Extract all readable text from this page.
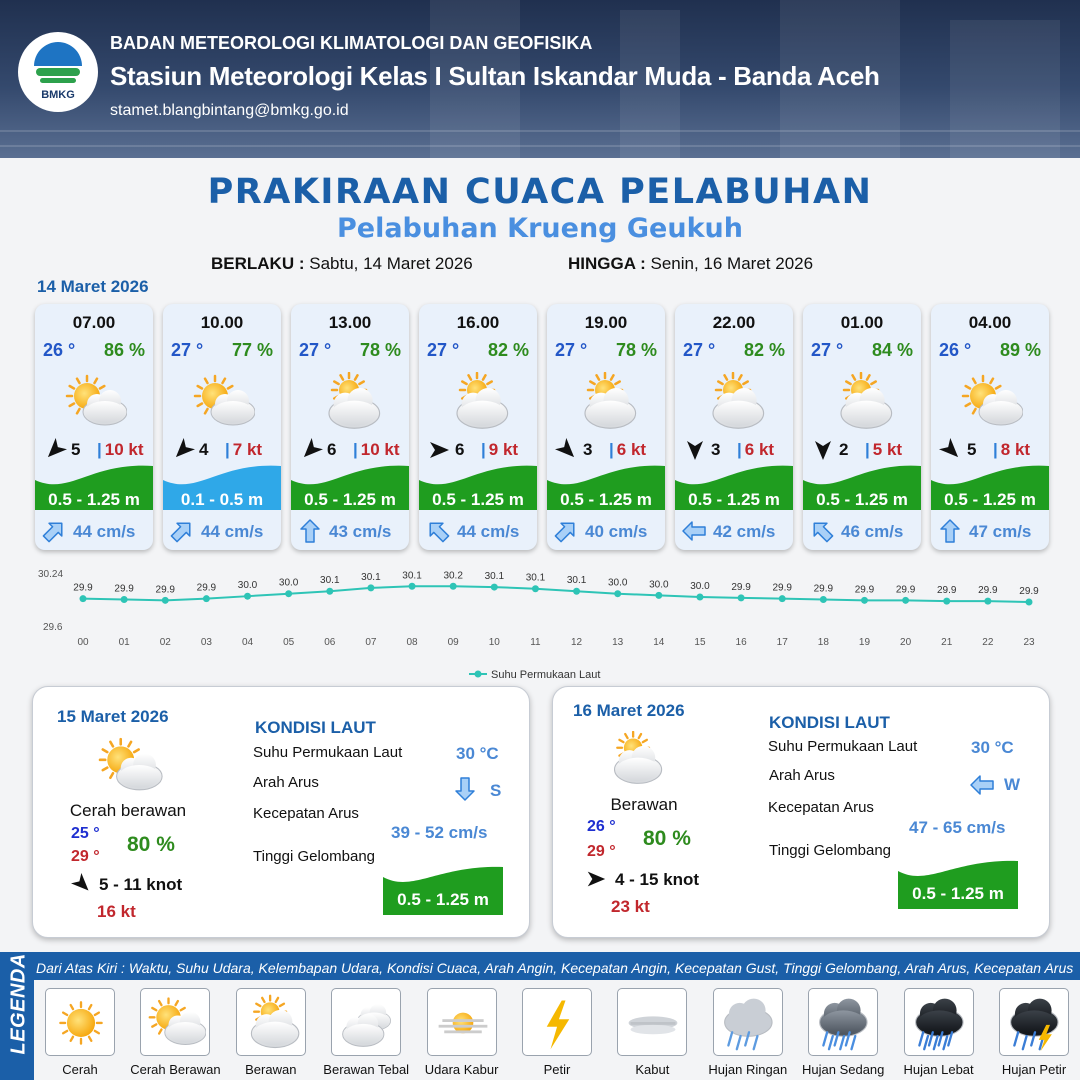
BMKG
BADAN METEOROLOGI KLIMATOLOGI DAN GEOFISIKA
Stasiun Meteorologi Kelas I Sultan Iskandar Muda - Banda Aceh
stamet.blangbintang@bmkg.go.id
PRAKIRAAN CUACA PELABUHAN
Pelabuhan Krueng Geukuh
BERLAKU : Sabtu, 14 Maret 2026	HINGGA : Senin, 16 Maret 2026
14 Maret 2026
07.00
26 ° 86 %
5 | 10 kt
0.5 - 1.25 m
44 cm/s
10.00
27 ° 77 %
4 | 7 kt
0.1 - 0.5 m
44 cm/s
13.00
27 ° 78 %
6 | 10 kt
0.5 - 1.25 m
43 cm/s
16.00
27 ° 82 %
6 | 9 kt
0.5 - 1.25 m
44 cm/s
19.00
27 ° 78 %
3 | 6 kt
0.5 - 1.25 m
40 cm/s
22.00
27 ° 82 %
3 | 6 kt
0.5 - 1.25 m
42 cm/s
01.00
27 ° 84 %
2 | 5 kt
0.5 - 1.25 m
46 cm/s
04.00
26 ° 89 %
5 | 8 kt
0.5 - 1.25 m
47 cm/s
30.24
29.6
29.9
00
29.9
01
29.9
02
29.9
03
30.0
04
30.0
05
30.1
06
30.1
07
30.1
08
30.2
09
30.1
10
30.1
11
30.1
12
30.0
13
30.0
14
30.0
15
29.9
16
29.9
17
29.9
18
29.9
19
29.9
20
29.9
21
29.9
22
29.9
23
Suhu Permukaan Laut
15 Maret 2026
Cerah berawan
25 °
29 °
80 %
5 - 11 knot
16 kt
KONDISI LAUT
Suhu Permukaan Laut	30 °C
Arah Arus	S
Kecepatan Arus
39 - 52 cm/s
Tinggi Gelombang
0.5 - 1.25 m
16 Maret 2026
Berawan
26 °
29 °
80 %
4 - 15 knot
23 kt
KONDISI LAUT
Suhu Permukaan Laut	30 °C
Arah Arus	W
Kecepatan Arus
47 - 65 cm/s
Tinggi Gelombang
0.5 - 1.25 m
LEGENDA Dari Atas Kiri : Waktu, Suhu Udara, Kelembapan Udara, Kondisi Cuaca, Arah Angin, Kecepatan Angin, Kecepatan Gust, Tinggi Gelombang, Arah Arus, Kecepatan Arus
Cerah	Cerah Berawan	Berawan	Berawan Tebal	Udara Kabur	Petir	Kabut	Hujan Ringan	Hujan Sedang	Hujan Lebat	Hujan Petir
